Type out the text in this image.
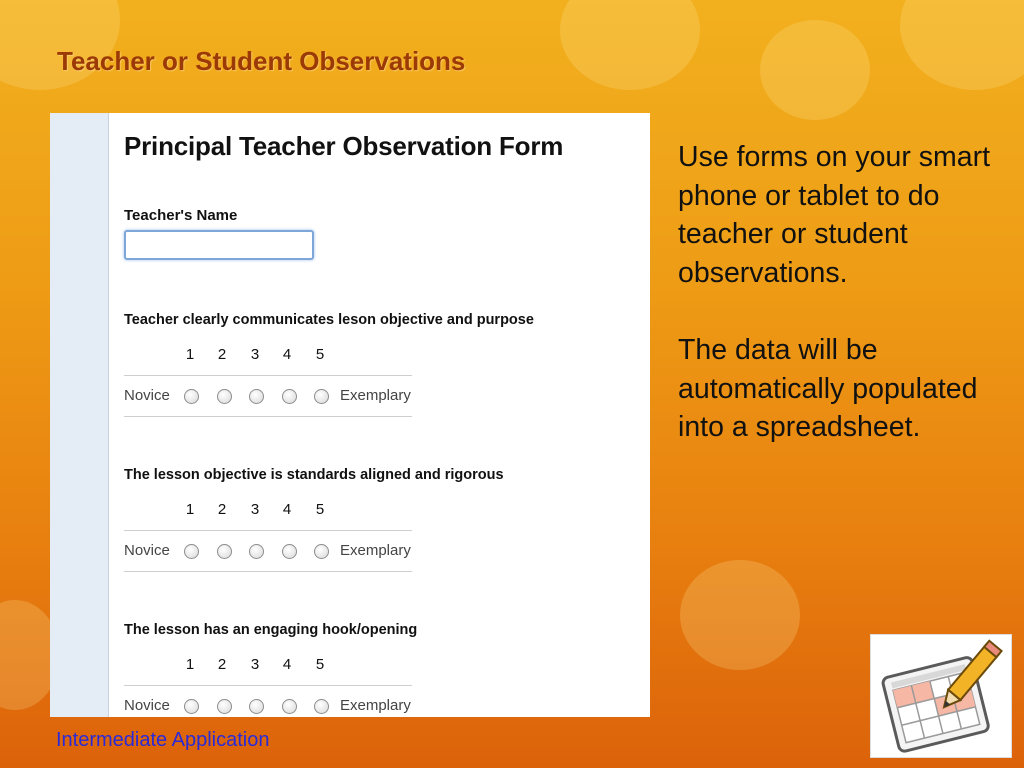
Teacher or Student Observations
Principal Teacher Observation Form

Teacher's Name

Teacher clearly communicates leson objective and purpose

1	2	3	4	5
Novice	Exemplary

The lesson objective is standards aligned and rigorous

1	2	3	4	5
Novice	Exemplary

The lesson has an engaging hook/opening

1	2	3	4	5
Novice	Exemplary

Use forms on your smart phone or tablet to do teacher or student observations.

The data will be automatically populated into a spreadsheet.

Intermediate Application
